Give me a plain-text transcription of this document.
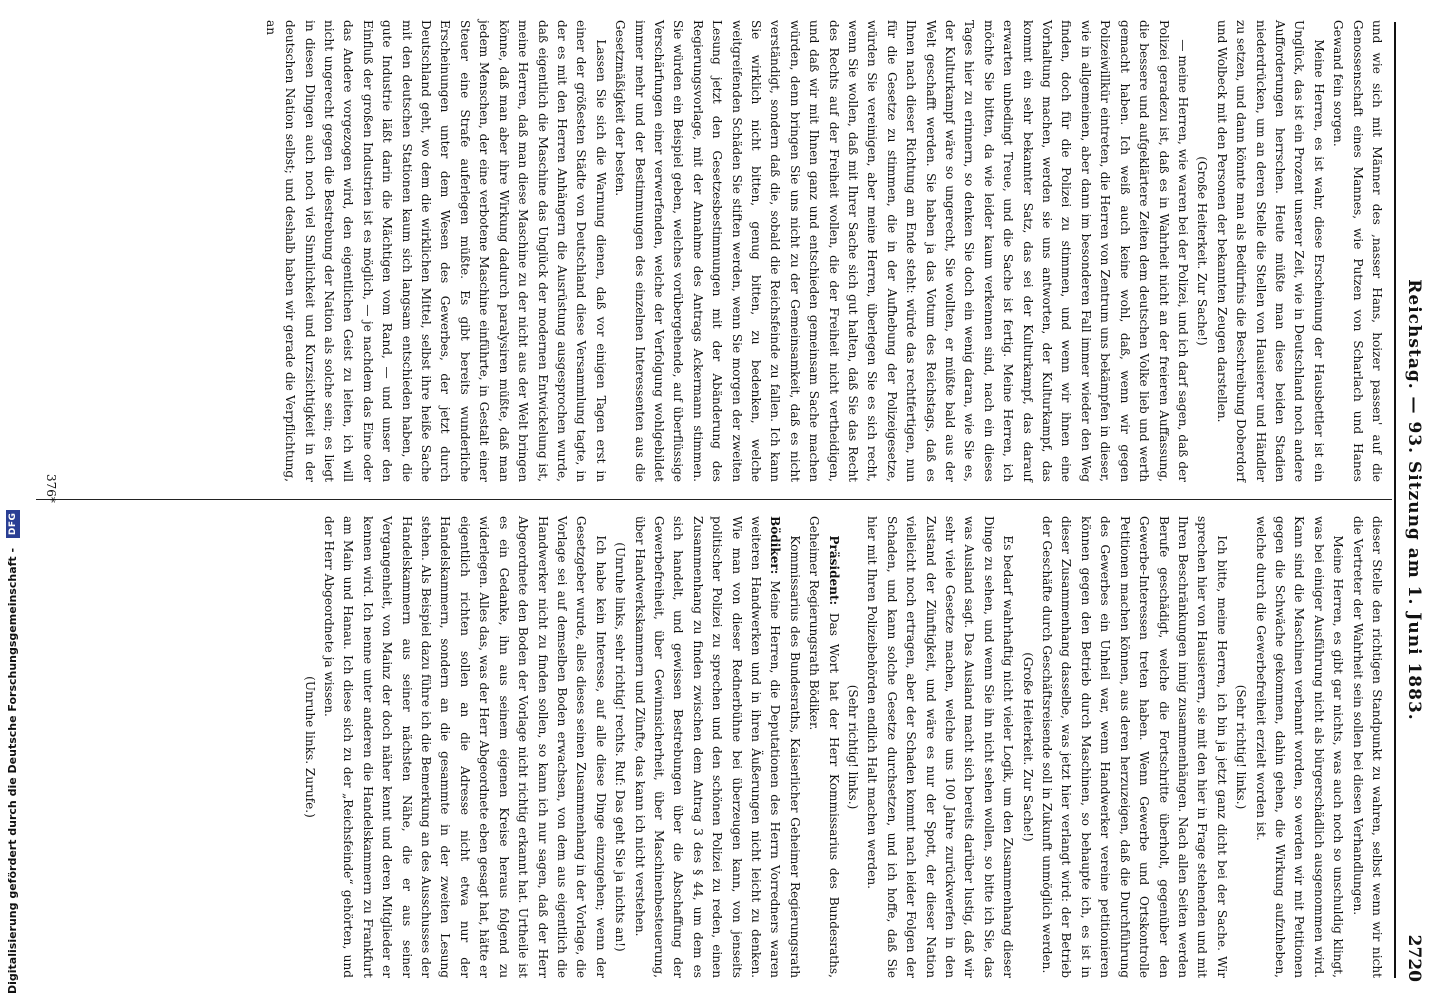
Digitalisierung gefördert durch die Deutsche Forschungsgemeinschaft - DFG	Reichstag. — 93. Sitzung am 1. Juni 1883.
2720

und wie sich mit Männer des ‚nasser Hans, hoizer passen' auf die Genossenschaft eines Mannes, wie Putzen von Scharlach und Hanes Gewand fein sorgen.

Meine Herren, es ist wahr, diese Erscheinung der Hausbettler ist ein Unglück, das ist ein Prozent unserer Zeit, wie in Deutschland noch andere Aufforderungen herrschen. Heute müßte man diese beiden Stadien niederdrücken, um an deren Stelle die Stellen von Hausierer und Händler zu setzen, und dann könnte man als Bedürfnis die Beschreibung Doberdorf und Wolbeck mit den Personen der bekannten Zeugen darstellen.

(Große Heiterkeit. Zur Sache!)

— meine Herren, wie waren bei der Polizei, und ich darf sagen, daß der Polizei geradezu ist, daß es in Wahrheit nicht an der freieren Auffassung, die bessere und aufgeklärtere Zeiten dem deutschen Volke lieb und werth gemacht haben. Ich weiß auch keine wohl, daß, wenn wir gegen Polizeiwillkür eintreten, die Herren von Zentrum uns bekämpfen in dieser, wie in allgemeinen, aber dann im besonderen Fall immer wieder den Weg finden, doch für die Polizei zu stimmen, und wenn wir ihnen eine Vorhaltung machen, werden sie uns antworten, der Kulturkampf, das kommt ein sehr bekannter Satz, das sei der Kulturkampf, das darauf erwarten unbedingt Treue, und die Sache ist fertig. Meine Herren, ich möchte Sie bitten, da wie leider kaum verkennen sind, nach ein dieses Tages hier zu erinnern, so denken Sie doch ein wenig daran, wie Sie es, der Kulturkampf wäre so ungerecht, Sie wollten, er müßte bald aus der Welt geschafft werden. Sie haben ja das Votum des Reichstags, daß es Ihnen nach dieser Richtung am Ende steht: würde das rechtfertigen, nun für die Gesetze zu stimmen, die in der Aufhebung der Polizeigesetze, würden Sie vereinigen, aber meine Herren, überlegen Sie es sich recht, wenn Sie wollen, daß mit Ihrer Sache sich gut halten, daß Sie das Recht des Rechts auf der Freiheit wollen, die der Freiheit nicht vertheidigen, und daß wir mit Ihnen ganz und entschieden gemeinsam Sache machen würden, denn bringen Sie uns nicht zu der Gemeinsamkeit, daß es nicht verständigt, sondern daß die, sobald die Reichsfeinde zu fallen. Ich kann Sie wirklich nicht bitten, genug bitten, zu bedenken, welche weitgreifenden Schäden Sie stiften werden, wenn Sie morgen der zweiten Lesung jetzt den Gesetzesbestimmungen mit der Abänderung des Regierungsvorlage, mit der Annahme des Antrags Ackermann stimmen. Sie würden ein Beispiel geben, welches vorübergehende, auf überflüssige Verschärfungen einer verwerfenden, welche der Verfolgung wohlgebildet immer mehr und der Bestimmungen des einzelnen Interessenten aus die Gesetzmäßigkeit der besten.

Lassen Sie sich die Warnung dienen, daß vor einigen Tagen erst in einer der größesten Städte von Deutschland diese Versammlung tagte, in der es mit den Herren Anhängern die Ausrüstung ausgesprochen wurde, daß eigentlich die Maschine das Unglück der modernen Entwickelung ist, meine Herren, daß man diese Maschine zu der nicht aus der Welt bringen könne, daß man aber ihre Wirkung dadurch paralysiren müßte, daß man jedem Menschen, der eine verbotene Maschine einführte, in Gestalt einer Steuer eine Strafe auferlegen müßte. Es gibt bereits wunderliche Erscheinungen unter dem Wesen des Gewerbes, der jetzt durch Deutschland geht, wo dem die wirklichen Mittel, selbst ihre heiße Sache mit den deutschen Stationen kaum sich langsam entschieden haben, die gute Industrie läßt darin die Mächtigen vom Rand, — und unser den Einfluß der großen Industrien ist es möglich, — je nachdem das Eine oder das Andere vorgezogen wird, den eigentlichen Geist zu leiten, ich will nicht ungerecht gegen die Bestrebung der Nation als solche sein; es liegt in diesen Dingen auch noch viel Sinnlichkeit und Kurzsichtigkeit in der deutschen Nation selbst; und deshalb haben wir gerade die Verpflichtung, an

dieser Stelle den richtigen Standpunkt zu wahren, selbst wenn wir nicht die Vertreter der Wahrheit sein sollen bei diesen Verhandlungen.

Meine Herren, es gibt gar nichts, was auch noch so unschuldig klingt, was bei einiger Ausführung nicht als bürgerschädlich ausgenommen wird. Kann sind die Maschinen verbannt worden, so werden wir mit Petitionen gegen die Schwäche gekommen, dahin gehen, die Wirkung aufzuheben, welche durch die Gewerbefreiheit erzielt worden ist.

(Sehr richtig! links.)

Ich bitte, meine Herren, ich bin ja jetzt ganz dicht bei der Sache. Wir sprechen hier von Hausierern, sie mit den hier in Frage stehenden und mit Ihren Beschränkungen innig zusammenhängen. Nach allen Seiten werden Berufe geschädigt, welche die Fortschritte überholt, gegenüber den Gewerbe-Interessen treten haben. Wenn Gewerbe und Ortskontrolle Petitionen machen können, aus deren herzuzeigen, daß die Durchführung des Gewerbes ein Unheil war, wenn Handwerker vereine petitionieren können gegen den Betrieb durch Maschinen, so behaupte ich, es ist in dieser Zusammenhang dasselbe, was jetzt hier verlangt wird: der Betrieb der Geschäfte durch Geschäftsreisende soll in Zukunft unmöglich werden.

(Große Heiterkeit. Zur Sache!)

Es bedarf wahrhaftig nicht vieler Logik, um den Zusammenhang dieser Dinge zu sehen, und wenn Sie ihn nicht sehen wollen, so bitte ich Sie, das was Ausland sagt. Das Ausland macht sich bereits darüber lustig, daß wir sehr viele Gesetze machen, welche uns 100 Jahre zurückwerfen in den Zustand der Zünftigkeit, und wäre es nur der Spott, der dieser Nation vielleicht noch ertragen, aber der Schaden kommt nach leider Folgen der Schaden, und kann solche Gesetze durchsetzen, und ich hoffe, daß Sie hier mit Ihren Polizeibehörden endlich Halt machen werden.

(Sehr richtig! links.)

Präsident: Das Wort hat der Herr Kommissarius des Bundesraths, Geheimer Regierungsrath Bödiker.

Kommissarius des Bundesraths, Kaiserlicher Geheimer Regierungsrath Bödiker: Meine Herren, die Deputationen des Herrn Vorredners waren weiteren Handwerken und in ihren Äußerungen nicht leicht zu denken. Wie man von dieser Rednerbühne bei überzeugen kann, von jenseits politischer Polizei zu sprechen und den schönen Polizei zu reden, einen Zusammenhang zu finden zwischen dem Antrag 3 des § 44, um dem es sich handelt, und gewissen Bestrebungen über die Abschaffung der Gewerbefreiheit, über Gewinnsicherheit, über Maschinenbesteuerung, über Handwerkskammern und Zünfte, das kann ich nicht verstehen.

(Unruhe links, sehr richtig! rechts. Ruf: Das geht Sie ja nichts an!)

Ich habe kein Interesse, auf alle diese Dinge einzugehen; wenn der Gesetzgeber wurde, alles dieses seinen Zusammenhang in der Vorlage, die Vorlage sei auf demselben Boden erwachsen, von dem aus eigentlich die Handwerker nicht zu finden sollen, so kann ich nur sagen, daß der Herr Abgeordnete den Boden der Vorlage nicht richtig erkannt hat. Urtheile ist es ein Gedanke, ihn aus seinem eigenen Kreise heraus folgend zu widerlegen. Alles das, was der Herr Abgeordnete eben gesagt hat, hätte er eigentlich richten sollen an die Adresse nicht etwa nur der Handelskammern, sondern an die gesammte in der zweiten Lesung stehen. Als Beispiel dazu führe ich die Bemerkung an des Ausschusses der Handelskammern aus seiner nächsten Nähe, die er aus seiner Vergangenheit, von Mainz der doch näher kennt und deren Mitglieder er kennen wird. Ich nenne unter anderen die Handelskammern zu Frankfurt am Main und Hanau. Ich diese sich zu der „Reichsfeinde“ gehörten, und der Herr Abgeordnete ja wissen.

(Unruhe links. Zurufe.)

376*
